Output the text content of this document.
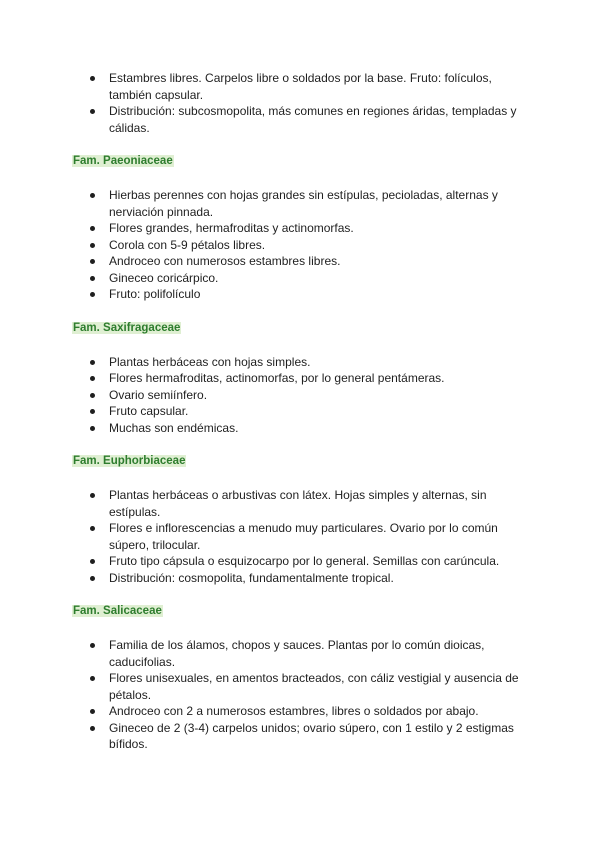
Estambres libres. Carpelos libre o soldados por la base. Fruto: folículos, también capsular.
Distribución: subcosmopolita, más comunes en regiones áridas, templadas y cálidas.
Fam. Paeoniaceae
Hierbas perennes con hojas grandes sin estípulas, pecioladas, alternas y nerviación pinnada.
Flores grandes, hermafroditas y actinomorfas.
Corola con 5-9 pétalos libres.
Androceo con numerosos estambres libres.
Gineceo coricárpico.
Fruto: polifolículo
Fam. Saxifragaceae
Plantas herbáceas con hojas simples.
Flores hermafroditas, actinomorfas, por lo general pentámeras.
Ovario semiínfero.
Fruto capsular.
Muchas son endémicas.
Fam. Euphorbiaceae
Plantas herbáceas o arbustivas con látex. Hojas simples y alternas, sin estípulas.
Flores e inflorescencias a menudo muy particulares. Ovario por lo común súpero, trilocular.
Fruto tipo cápsula o esquizocarpo por lo general. Semillas con carúncula.
Distribución: cosmopolita, fundamentalmente tropical.
Fam. Salicaceae
Familia de los álamos, chopos y sauces. Plantas por lo común dioicas, caducifolias.
Flores unisexuales, en amentos bracteados, con cáliz vestigial y ausencia de pétalos.
Androceo con 2 a numerosos estambres, libres o soldados por abajo.
Gineceo de 2 (3-4) carpelos unidos; ovario súpero, con 1 estilo y 2 estigmas bífidos.
